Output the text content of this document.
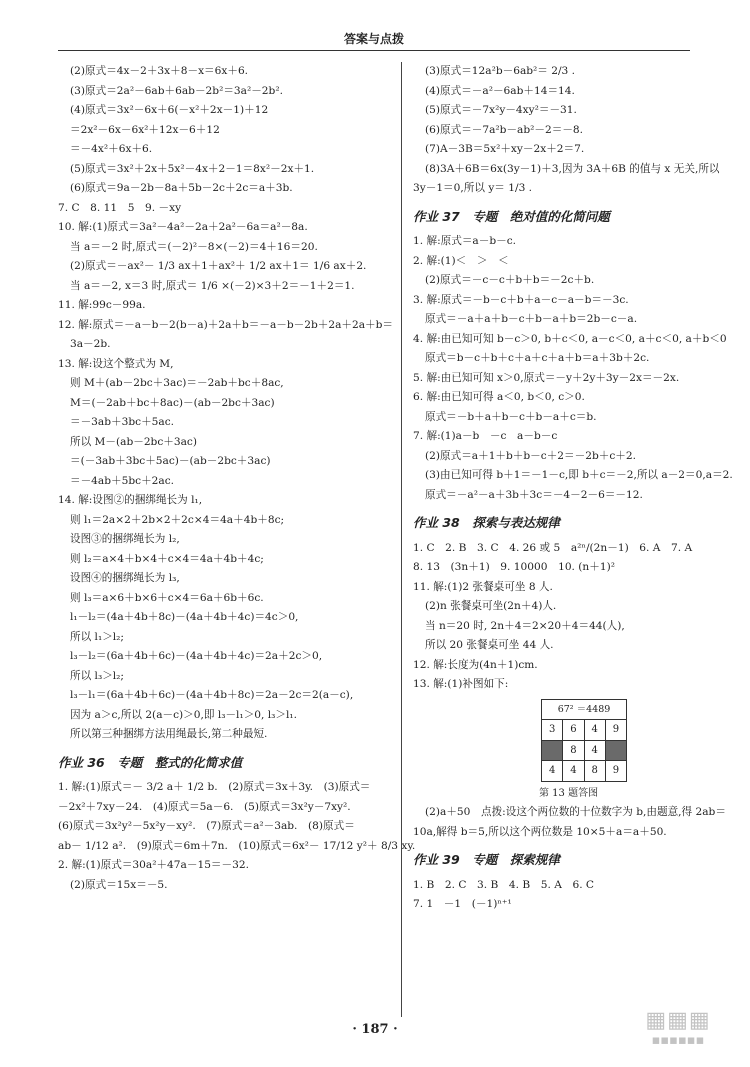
答案与点拨
(2)原式＝4x－2＋3x＋8－x＝6x＋6.
(3)原式＝2a²－6ab＋6ab－2b²＝3a²－2b².
(4)原式＝3x²－6x＋6(－x²＋2x－1)＋12
＝2x²－6x－6x²＋12x－6＋12
＝－4x²＋6x＋6.
(5)原式＝3x²＋2x＋5x²－4x＋2－1＝8x²－2x＋1.
(6)原式＝9a－2b－8a＋5b－2c＋2c＝a＋3b.
7. C　8. 11　5　9. －xy
10. 解:(1)原式＝3a²－4a²－2a＋2a²－6a＝a²－8a.
当 a＝－2 时,原式＝(－2)²－8×(－2)＝4＋16＝20.
(2)原式＝－ax²－ 1/3 ax＋1＋ax²＋ 1/2 ax＋1＝ 1/6 ax＋2.
当 a＝－2, x＝3 时,原式＝ 1/6 ×(－2)×3＋2＝－1＋2＝1.
11. 解:99c－99a.
12. 解:原式＝－a－b－2(b－a)＋2a＋b＝－a－b－2b＋2a＋2a＋b＝
3a－2b.
13. 解:设这个整式为 M,
则 M＋(ab－2bc＋3ac)＝－2ab＋bc＋8ac,
M＝(－2ab＋bc＋8ac)－(ab－2bc＋3ac)
＝－3ab＋3bc＋5ac.
所以 M－(ab－2bc＋3ac)
＝(－3ab＋3bc＋5ac)－(ab－2bc＋3ac)
＝－4ab＋5bc＋2ac.
14. 解:设图②的捆绑绳长为 l₁,
则 l₁＝2a×2＋2b×2＋2c×4＝4a＋4b＋8c;
设图③的捆绑绳长为 l₂,
则 l₂＝a×4＋b×4＋c×4＝4a＋4b＋4c;
设图④的捆绑绳长为 l₃,
则 l₃＝a×6＋b×6＋c×4＝6a＋6b＋6c.
l₁－l₂＝(4a＋4b＋8c)－(4a＋4b＋4c)＝4c＞0,
所以 l₁＞l₂;
l₃－l₂＝(6a＋4b＋6c)－(4a＋4b＋4c)＝2a＋2c＞0,
所以 l₃＞l₂;
l₃－l₁＝(6a＋4b＋6c)－(4a＋4b＋8c)＝2a－2c＝2(a－c),
因为 a＞c,所以 2(a－c)＞0,即 l₃－l₁＞0, l₃＞l₁.
所以第三种捆绑方法用绳最长,第二种最短.
作业 36　专题　整式的化简求值
1. 解:(1)原式＝－ 3/2 a＋ 1/2 b.　(2)原式＝3x＋3y.　(3)原式＝
－2x²＋7xy－24.　(4)原式＝5a－6.　(5)原式＝3x²y－7xy².
(6)原式＝3x²y²－5x²y－xy².　(7)原式＝a²－3ab.　(8)原式＝
ab－ 1/12 a².　(9)原式＝6m＋7n.　(10)原式＝6x²－ 17/12 y²＋ 8/3 xy.
2. 解:(1)原式＝30a²＋47a－15＝－32.
(2)原式＝15x＝－5.
(3)原式＝12a²b－6ab²＝ 2/3 .
(4)原式＝－a²－6ab＋14＝14.
(5)原式＝－7x²y－4xy²＝－31.
(6)原式＝－7a²b－ab²－2＝－8.
(7)A－3B＝5x²＋xy－2x＋2＝7.
(8)3A＋6B＝6x(3y－1)＋3,因为 3A＋6B 的值与 x 无关,所以
3y－1＝0,所以 y＝ 1/3 .
作业 37　专题　绝对值的化简问题
1. 解:原式＝a－b－c.
2. 解:(1)＜　＞　＜
(2)原式＝－c－c＋b＋b＝－2c＋b.
3. 解:原式＝－b－c＋b＋a－c－a－b＝－3c.
原式＝－a＋a＋b－c＋b－a＋b＝2b－c－a.
4. 解:由已知可知 b－c＞0, b＋c＜0, a－c＜0, a＋c＜0, a＋b＜0
原式＝b－c＋b＋c＋a＋c＋a＋b＝a＋3b＋2c.
5. 解:由已知可知 x＞0,原式＝－y＋2y＋3y－2x＝－2x.
6. 解:由已知可得 a＜0, b＜0, c＞0.
原式＝－b＋a＋b－c＋b－a＋c＝b.
7. 解:(1)a－b　－c　a－b－c
(2)原式＝a＋1＋b＋b－c＋2＝－2b＋c＋2.
(3)由已知可得 b＋1＝－1－c,即 b＋c＝－2,所以 a－2＝0,a＝2.
原式＝－a²－a＋3b＋3c＝－4－2－6＝－12.
作业 38　探索与表达规律
1. C　2. B　3. C　4. 26 或 5　a²ⁿ/(2n－1)　6. A　7. A
8. 13　(3n＋1)　9. 10000　10. (n＋1)²
11. 解:(1)2 张餐桌可坐 8 人.
(2)n 张餐桌可坐(2n＋4)人.
当 n＝20 时, 2n＋4＝2×20＋4＝44(人),
所以 20 张餐桌可坐 44 人.
12. 解:长度为(4n＋1)cm.
13. 解:(1)补图如下:
67² ＝4489			
3	6	4	9
	8	4	
4	4	8	9
第 13 题答图
(2)a＋50　点拨:设这个两位数的十位数字为 b,由题意,得 2ab＝
10a,解得 b＝5,所以这个两位数是 10×5＋a＝a＋50.
作业 39　专题　探索规律
1. B　2. C　3. B　4. B　5. A　6. C
7. 1　－1　(－1)ⁿ⁺¹
· 187 ·	▦▦▦
▪▪▪▪▪▪
